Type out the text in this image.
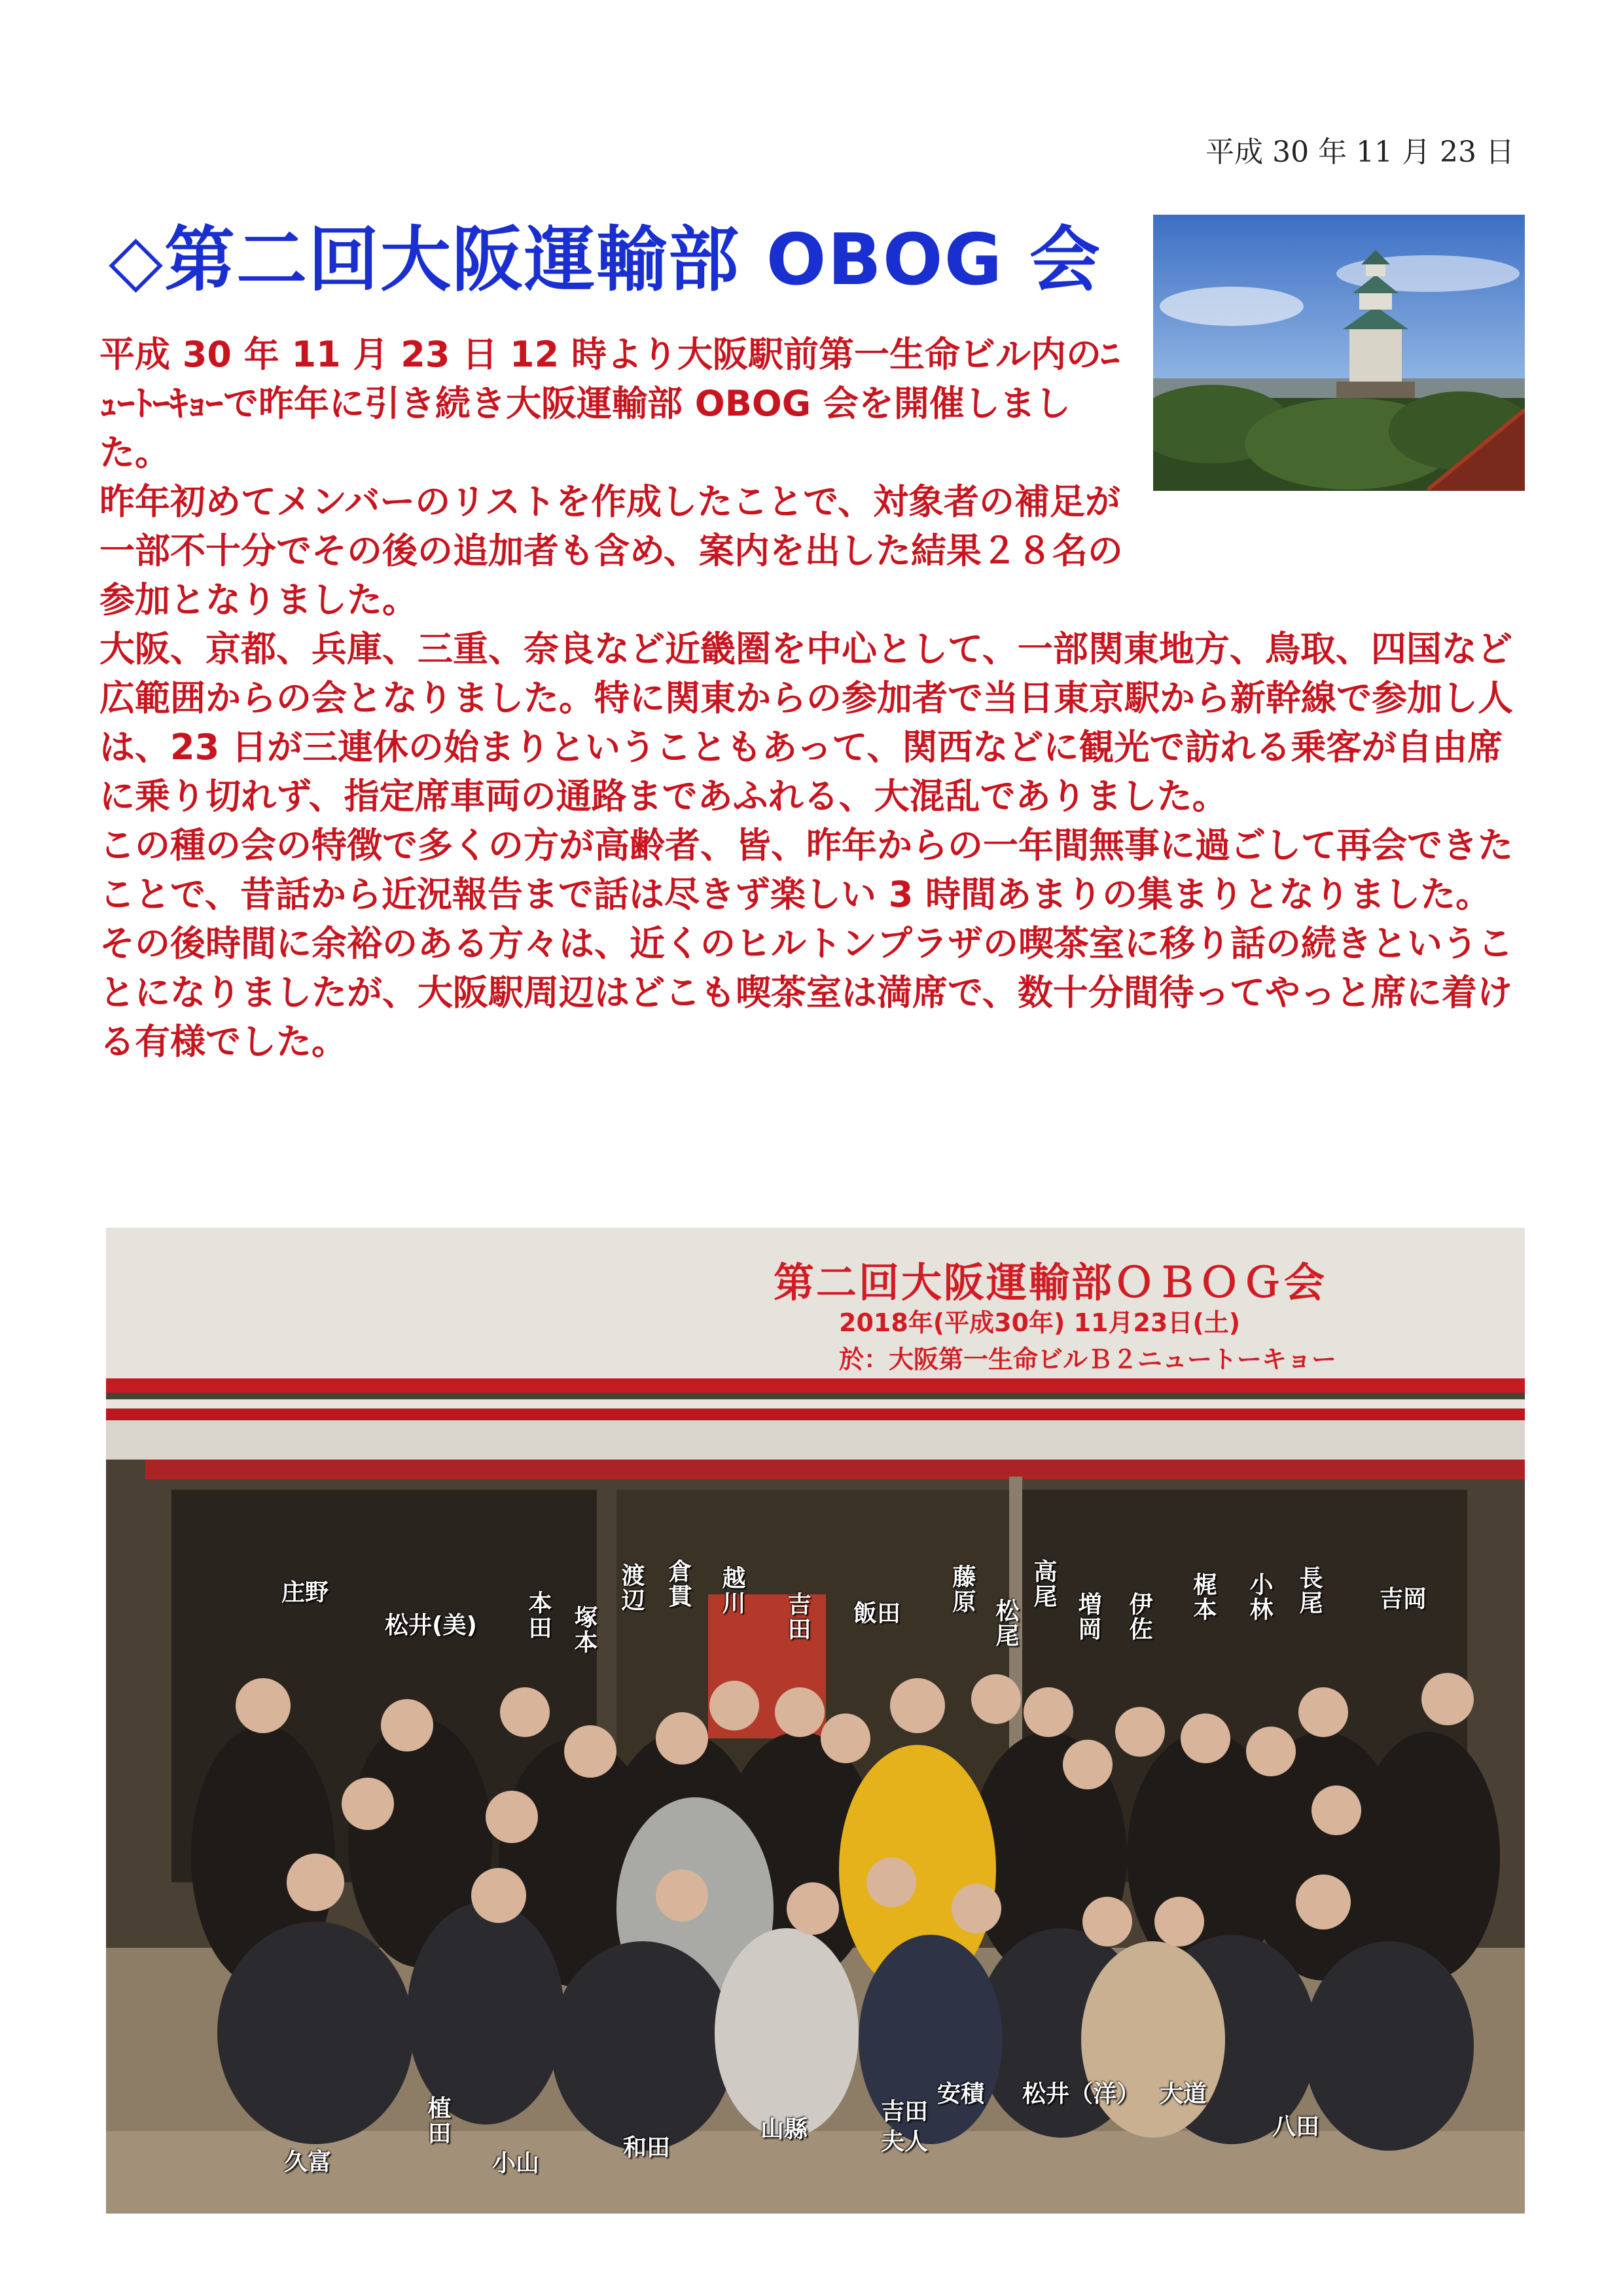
平成 30 年 11 月 23 日
◇第二回大阪運輸部 OBOG 会

平成 30 年 11 月 23 日 12 時より大阪駅前第一生命ビル内のﾆｭｰﾄｰｷｮｰで昨年に引き続き大阪運輸部 OBOG 会を開催しました。

昨年初めてメンバーのリストを作成したことで、対象者の補足が一部不十分でその後の追加者も含め、案内を出した結果２８名の参加となりました。

大阪、京都、兵庫、三重、奈良など近畿圏を中心として、一部関東地方、鳥取、四国など広範囲からの会となりました。特に関東からの参加者で当日東京駅から新幹線で参加し人は、23 日が三連休の始まりということもあって、関西などに観光で訪れる乗客が自由席に乗り切れず、指定席車両の通路まであふれる、大混乱でありました。

この種の会の特徴で多くの方が高齢者、皆、昨年からの一年間無事に過ごして再会できたことで、昔話から近況報告まで話は尽きず楽しい 3 時間あまりの集まりとなりました。

その後時間に余裕のある方々は、近くのヒルトンプラザの喫茶室に移り話の続きということになりましたが、大阪駅周辺はどこも喫茶室は満席で、数十分間待ってやっと席に着ける有様でした。

第二回大阪運輸部ＯＢＯＧ会
2018年(平成30年) 11月23日(土)
於：大阪第一生命ビルＢ２ニュートーキョー
庄野
松井(美) 本田 塚本
渡辺 倉貫 越川
吉田 飯田 藤原
松尾
高尾
増岡 伊佐 梶本 小林 長尾 吉岡
植田
久富	小山
和田
山縣
吉田夫人
安積 松井（洋） 大道
八田
